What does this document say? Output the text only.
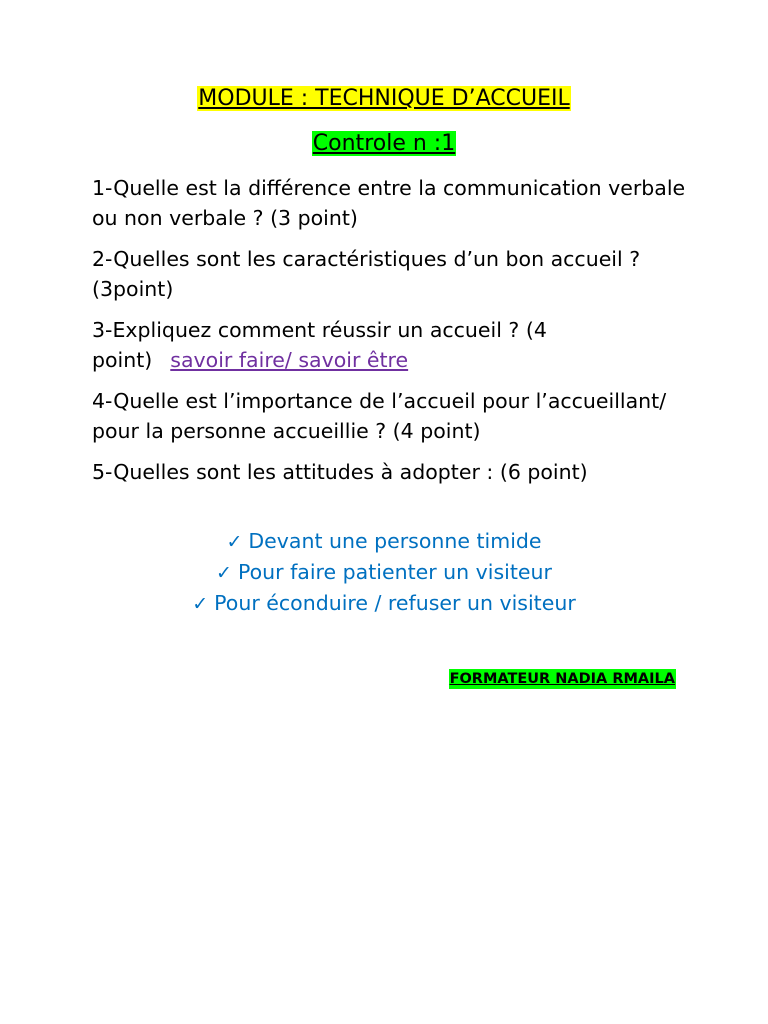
MODULE : TECHNIQUE D’ACCUEIL
Controle n :1
1-Quelle est la différence entre la communication verbale ou non verbale ? (3 point)
2-Quelles sont les caractéristiques d’un bon accueil ? (3point)
3-Expliquez comment réussir un accueil ? (4 point) savoir faire/ savoir être
4-Quelle est l’importance de l’accueil pour l’accueillant/ pour la personne accueillie ? (4 point)
5-Quelles sont les attitudes à adopter : (6 point)
✓ Devant une personne timide
✓ Pour faire patienter un visiteur
✓ Pour éconduire / refuser un visiteur
FORMATEUR NADIA RMAILA
